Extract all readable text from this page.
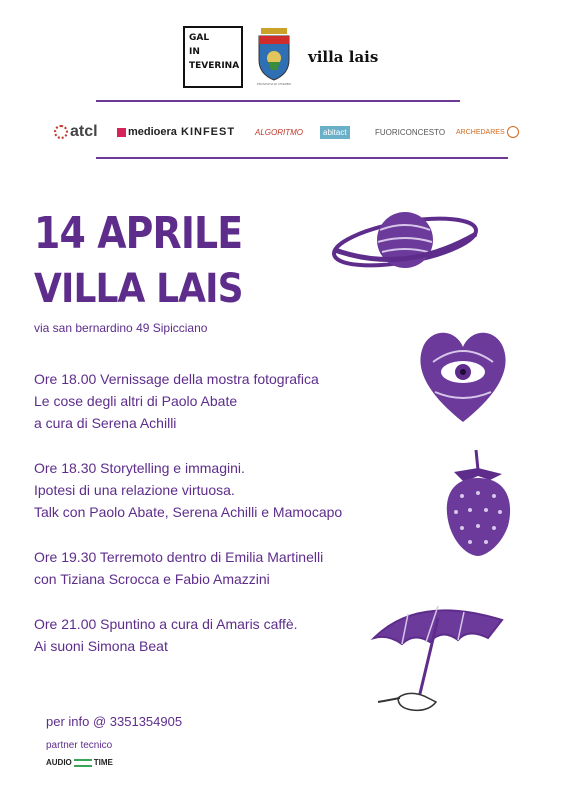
GAL
IN
TEVERINA
PROVINCIA DI VITERBO
villa lais
atcl	medioera KINFEST ALGORITMO	abitact	FUORICONCESTO ARCHEDARES
14 APRILE
VILLA LAIS
via san bernardino 49 Sipicciano
Ore 18.00 Vernissage della mostra fotografica
Le cose degli altri di Paolo Abate
a cura di Serena Achilli
Ore 18.30 Storytelling e immagini.
Ipotesi di una relazione virtuosa.
Talk con Paolo Abate, Serena Achilli e Mamocapo
Ore 19.30 Terremoto dentro di Emilia Martinelli
con Tiziana Scrocca e Fabio Amazzini
Ore 21.00 Spuntino a cura di Amaris caffè.
Ai suoni Simona Beat
per info @ 3351354905
partner tecnico
AUDIO	TIME
